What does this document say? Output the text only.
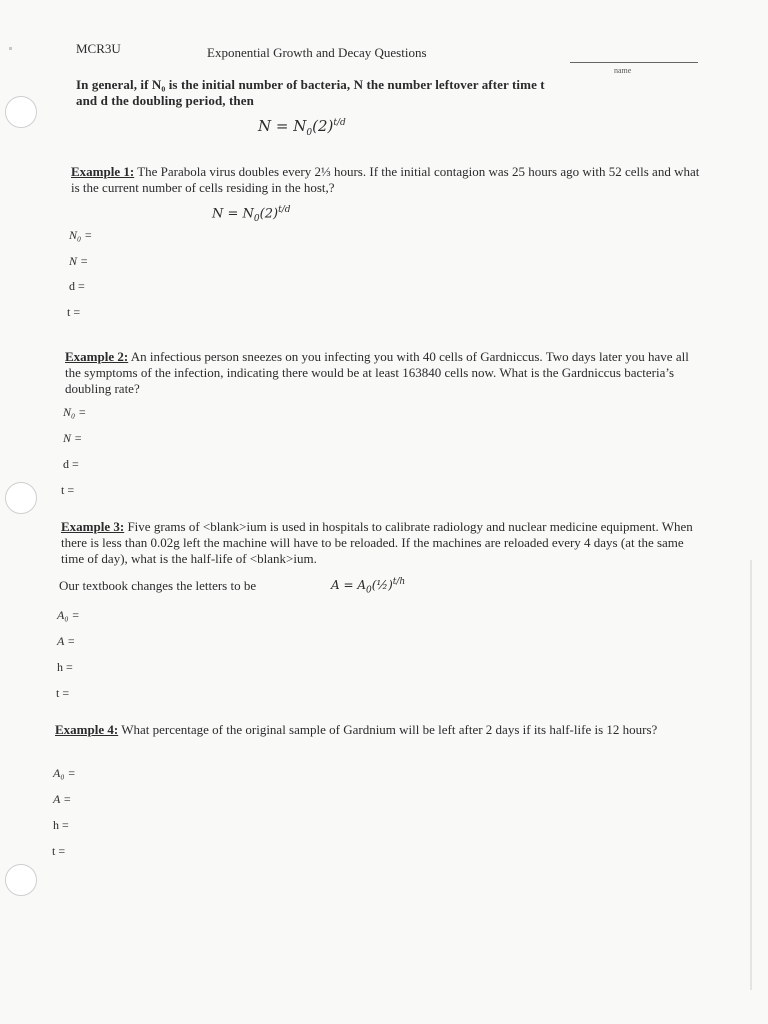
MCR3U	Exponential Growth and Decay Questions
name
In general, if N₀ is the initial number of bacteria, N the number leftover after time t
and d the doubling period, then
$N = N_0(2)^{t/d}$
Example 1: The Parabola virus doubles every 2⅓ hours. If the initial contagion was 25 hours ago with 52 cells and what is the current number of cells residing in the host,?
$N = N_0(2)^{t/d}$
N₀ =
N =
d =
t =
Example 2: An infectious person sneezes on you infecting you with 40 cells of Gardniccus. Two days later you have all the symptoms of the infection, indicating there would be at least 163840 cells now. What is the Gardniccus bacteria’s doubling rate?
N₀ =
N =
d =
t =
Example 3: Five grams of <blank>ium is used in hospitals to calibrate radiology and nuclear medicine equipment. When there is less than 0.02g left the machine will have to be reloaded. If the machines are reloaded every 4 days (at the same time of day), what is the half-life of <blank>ium.
Our textbook changes the letters to be	$A = A_0(\frac{1}{2})^{t/h}$
A₀ =
A =
h =
t =
Example 4: What percentage of the original sample of Gardnium will be left after 2 days if its half-life is 12 hours?
A₀ =
A =
h =
t =
